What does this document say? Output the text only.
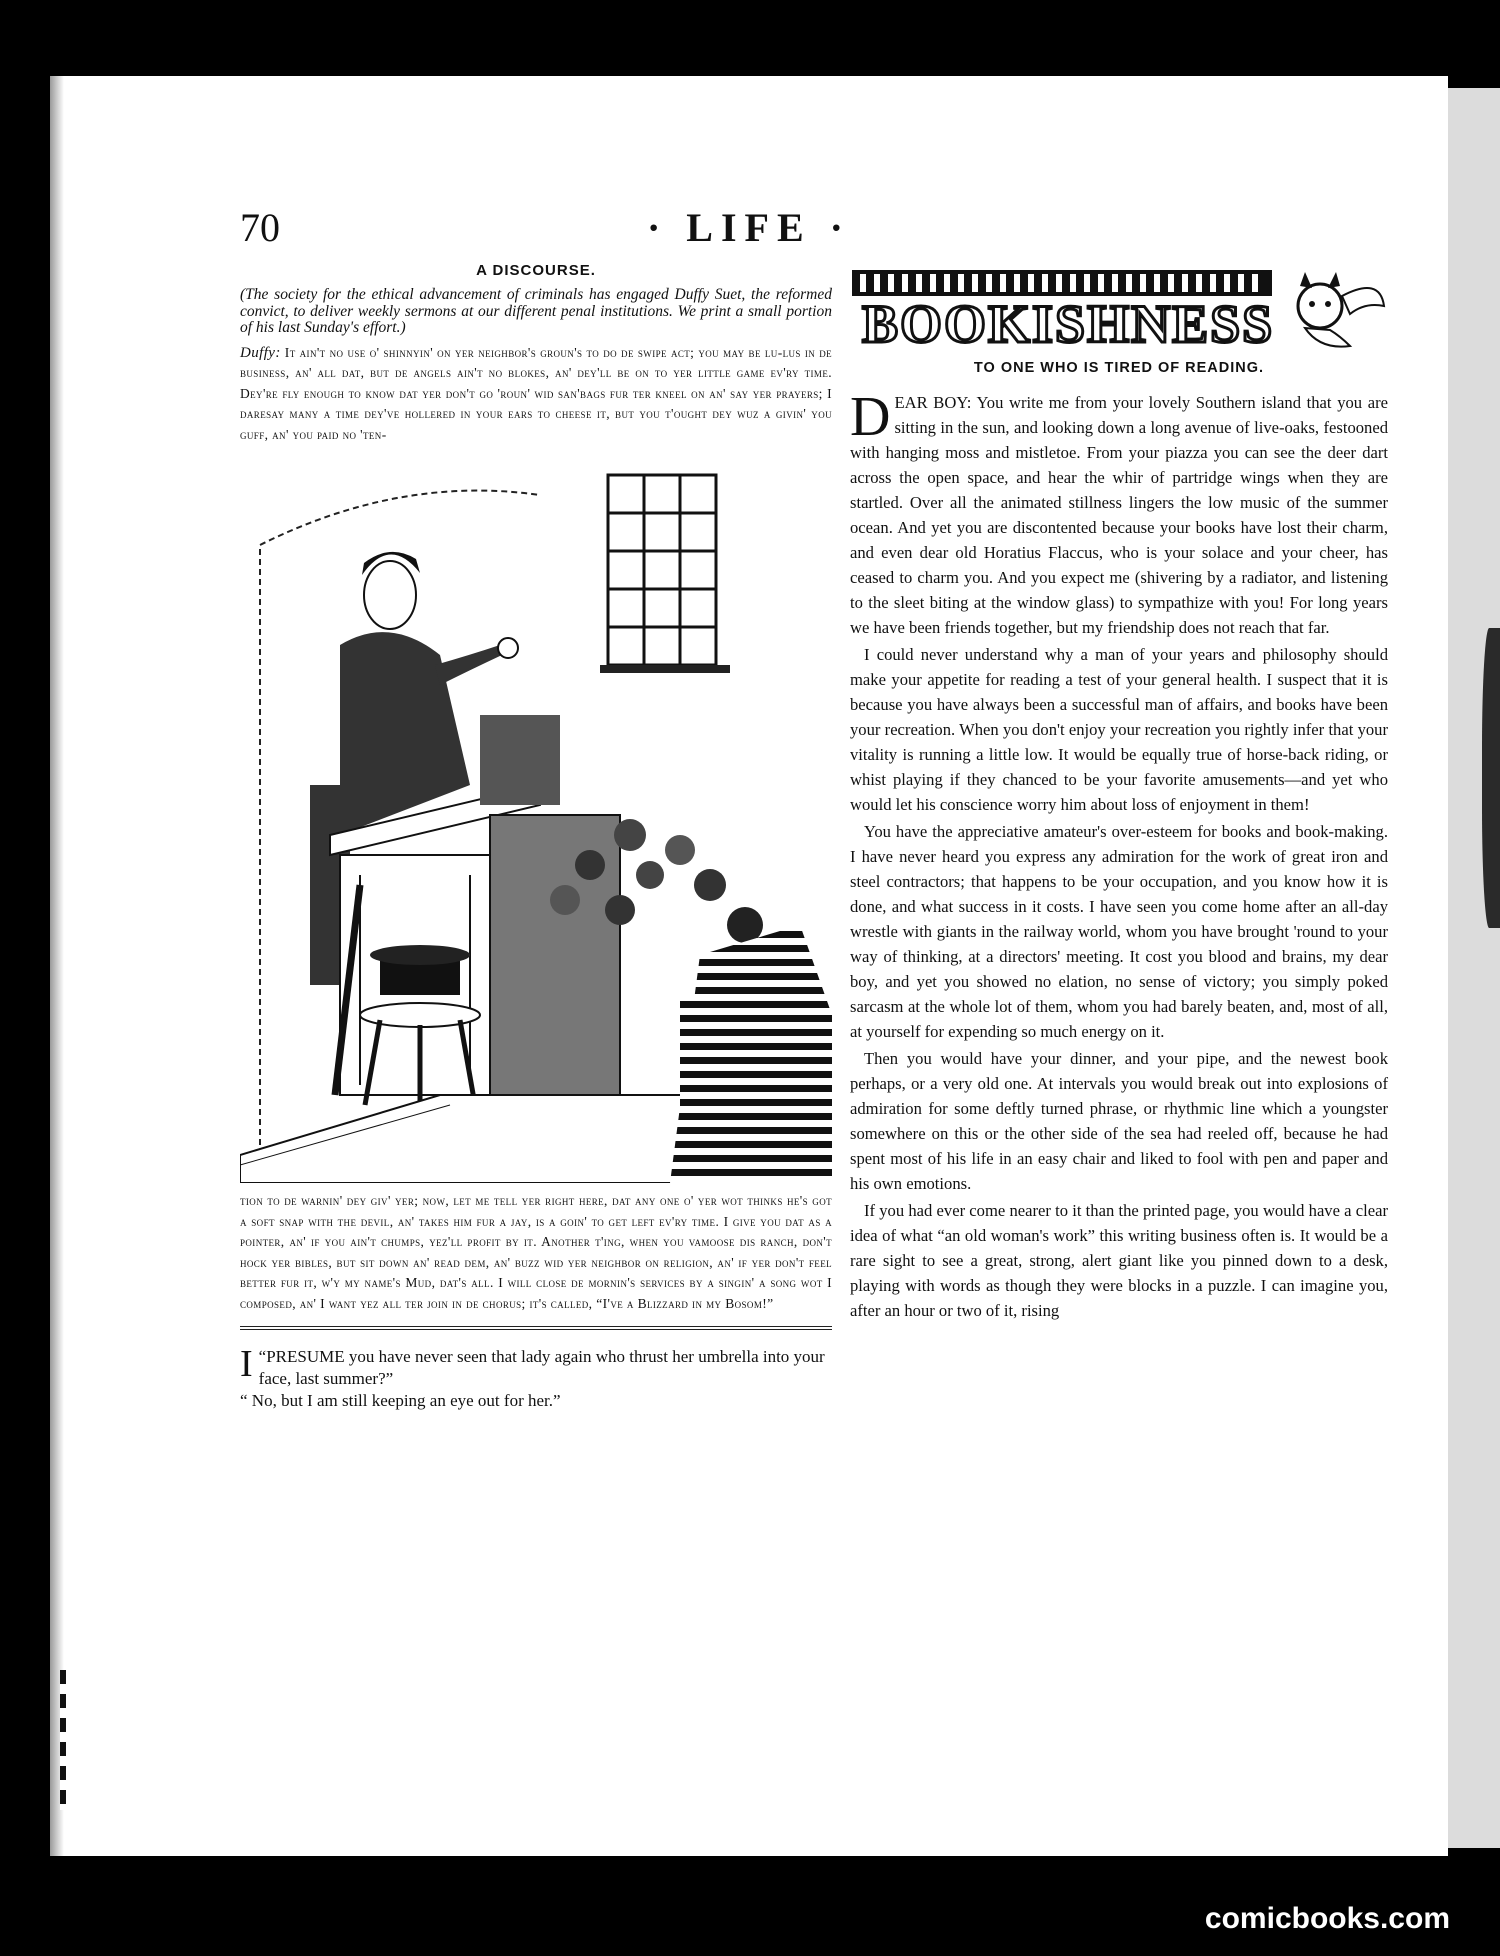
70	· LIFE ·
A DISCOURSE.

(The society for the ethical advancement of criminals has engaged Duffy Suet, the reformed convict, to deliver weekly sermons at our different penal institutions. We print a small portion of his last Sunday's effort.)

Duffy: It ain't no use o' shinnyin' on yer neighbor's groun's to do de swipe act; you may be lu-lus in de business, an' all dat, but de angels ain't no blokes, an' dey'll be on to yer little game ev'ry time. Dey're fly enough to know dat yer don't go 'roun' wid san'bags fur ter kneel on an' say yer prayers; I daresay many a time dey've hollered in your ears to cheese it, but you t'ought dey wuz a givin' you guff, an' you paid no 'ten-

tion to de warnin' dey giv' yer; now, let me tell yer right here, dat any one o' yer wot thinks he's got a soft snap with the devil, an' takes him fur a jay, is a goin' to get left ev'ry time. I give you dat as a pointer, an' if you ain't chumps, yez'll profit by it. Another t'ing, when you vamoose dis ranch, don't hock yer bibles, but sit down an' read dem, an' buzz wid yer neighbor on religion, an' if yer don't feel better fur it, w'y my name's Mud, dat's all. I will close de mornin's services by a singin' a song wot I composed, an' I want yez all ter join in de chorus; it's called, “I've a Blizzard in my Bosom!”

“
I PRESUME you have never seen that lady again who thrust her umbrella into your face, last summer?”

“ No, but I am still keeping an eye out for her.”

BOOKISHNESS
TO ONE WHO IS TIRED OF READING.

DEAR BOY: You write me from your lovely Southern island that you are sitting in the sun, and looking down a long avenue of live-oaks, festooned with hanging moss and mistletoe. From your piazza you can see the deer dart across the open space, and hear the whir of partridge wings when they are startled. Over all the animated stillness lingers the low music of the summer ocean. And yet you are discontented because your books have lost their charm, and even dear old Horatius Flaccus, who is your solace and your cheer, has ceased to charm you. And you expect me (shivering by a radiator, and listening to the sleet biting at the window glass) to sympathize with you! For long years we have been friends together, but my friendship does not reach that far.

I could never understand why a man of your years and philosophy should make your appetite for reading a test of your general health. I suspect that it is because you have always been a successful man of affairs, and books have been your recreation. When you don't enjoy your recreation you rightly infer that your vitality is running a little low. It would be equally true of horse-back riding, or whist playing if they chanced to be your favorite amusements—and yet who would let his conscience worry him about loss of enjoyment in them!

You have the appreciative amateur's over-esteem for books and book-making. I have never heard you express any admiration for the work of great iron and steel contractors; that happens to be your occupation, and you know how it is done, and what success in it costs. I have seen you come home after an all-day wrestle with giants in the railway world, whom you have brought 'round to your way of thinking, at a directors' meeting. It cost you blood and brains, my dear boy, and yet you showed no elation, no sense of victory; you simply poked sarcasm at the whole lot of them, whom you had barely beaten, and, most of all, at yourself for expending so much energy on it.

Then you would have your dinner, and your pipe, and the newest book perhaps, or a very old one. At intervals you would break out into explosions of admiration for some deftly turned phrase, or rhythmic line which a youngster somewhere on this or the other side of the sea had reeled off, because he had spent most of his life in an easy chair and liked to fool with pen and paper and his own emotions.

If you had ever come nearer to it than the printed page, you would have a clear idea of what “an old woman's work” this writing business often is. It would be a rare sight to see a great, strong, alert giant like you pinned down to a desk, playing with words as though they were blocks in a puzzle. I can imagine you, after an hour or two of it, rising

comicbooks.com
